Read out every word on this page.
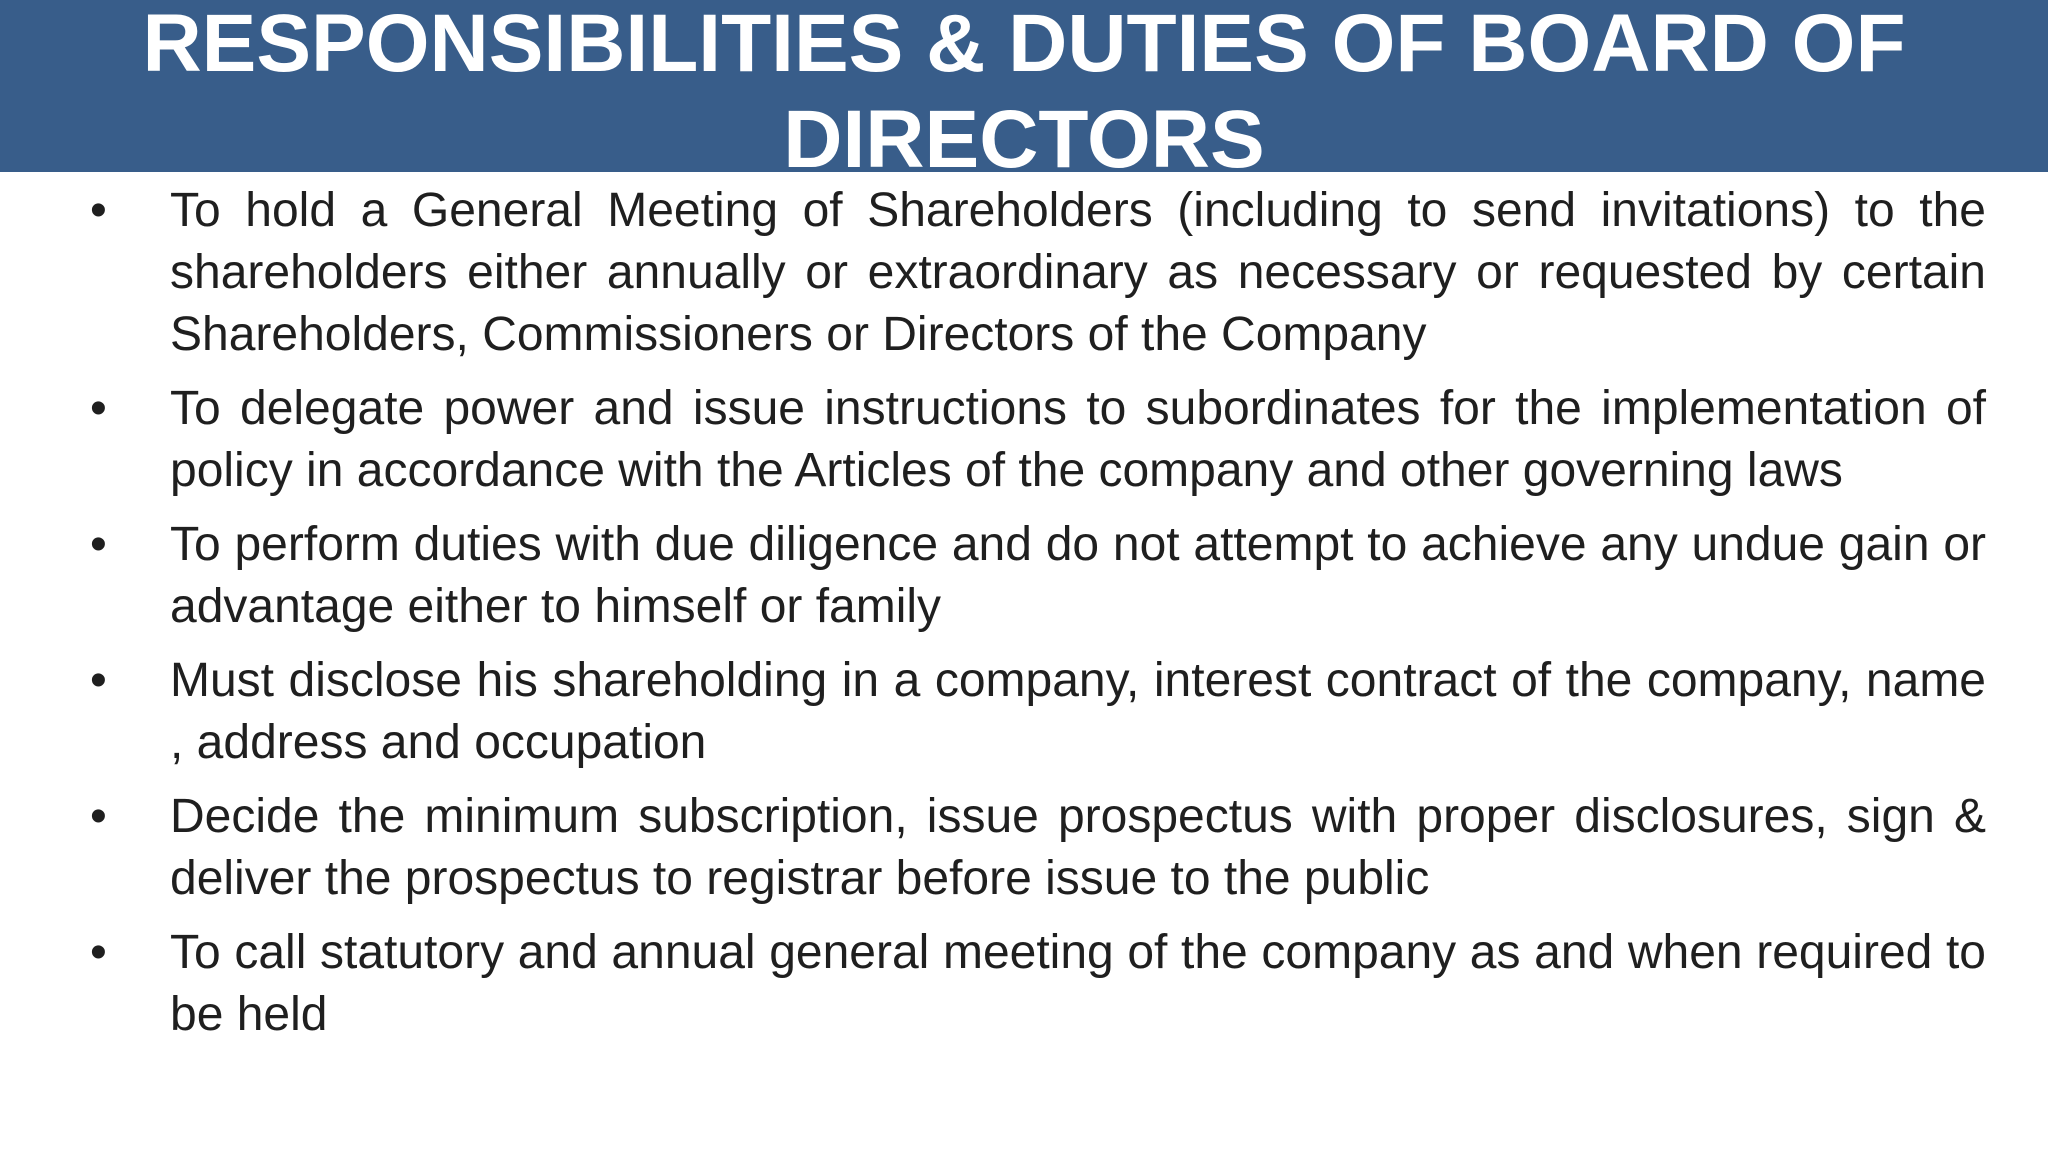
RESPONSIBILITIES & DUTIES OF BOARD OF DIRECTORS
• To hold a General Meeting of Shareholders (including to send invitations) to the shareholders either annually or extraordinary as necessary or requested by certain Shareholders, Commissioners or Directors of the Company
• To delegate power and issue instructions to subordinates for the implementation of policy in accordance with the Articles of the company and other governing laws
• To perform duties with due diligence and do not attempt to achieve any undue gain or advantage either to himself or family
• Must disclose his shareholding in a company, interest contract of the company, name , address and occupation
• Decide the minimum subscription, issue prospectus with proper disclosures, sign & deliver the prospectus to registrar before issue to the public
• To call statutory and annual general meeting of the company as and when required to be held
